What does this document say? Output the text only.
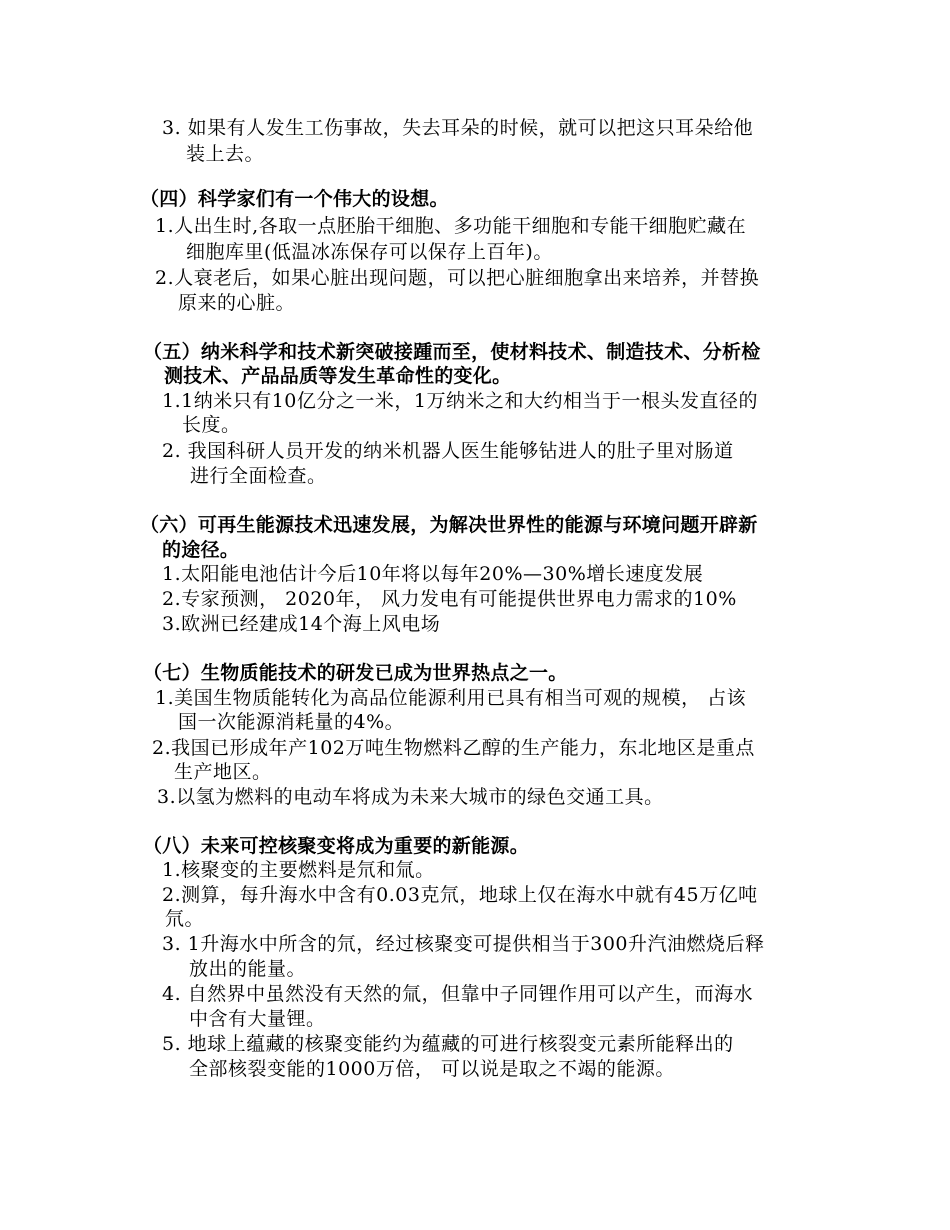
3. 如果有人发生工伤事故，失去耳朵的时候，就可以把这只耳朵给他
装上去。
（四）科学家们有一个伟大的设想。
1.人出生时,各取一点胚胎干细胞、多功能干细胞和专能干细胞贮藏在
细胞库里(低温冰冻保存可以保存上百年)。
2.人衰老后，如果心脏出现问题，可以把心脏细胞拿出来培养，并替换
原来的心脏。
（五）纳米科学和技术新突破接踵而至，使材料技术、制造技术、分析检
测技术、产品品质等发生革命性的变化。
1.1纳米只有10亿分之一米，1万纳米之和大约相当于一根头发直径的
长度。
2. 我国科研人员开发的纳米机器人医生能够钻进人的肚子里对肠道
进行全面检查。
（六）可再生能源技术迅速发展，为解决世界性的能源与环境问题开辟新
的途径。
1.太阳能电池估计今后10年将以每年20%—30%增长速度发展
2.专家预测， 2020年， 风力发电有可能提供世界电力需求的10%
3.欧洲已经建成14个海上风电场
（七）生物质能技术的研发已成为世界热点之一。
1.美国生物质能转化为高品位能源利用已具有相当可观的规模， 占该
国一次能源消耗量的4%。
2.我国已形成年产102万吨生物燃料乙醇的生产能力，东北地区是重点
生产地区。
3.以氢为燃料的电动车将成为未来大城市的绿色交通工具。
（八）未来可控核聚变将成为重要的新能源。
1.核聚变的主要燃料是氘和氚。
2.测算，每升海水中含有0.03克氘，地球上仅在海水中就有45万亿吨
氘。
3. 1升海水中所含的氘，经过核聚变可提供相当于300升汽油燃烧后释
放出的能量。
4. 自然界中虽然没有天然的氚，但靠中子同锂作用可以产生，而海水
中含有大量锂。
5. 地球上蕴藏的核聚变能约为蕴藏的可进行核裂变元素所能释出的
全部核裂变能的1000万倍， 可以说是取之不竭的能源。
